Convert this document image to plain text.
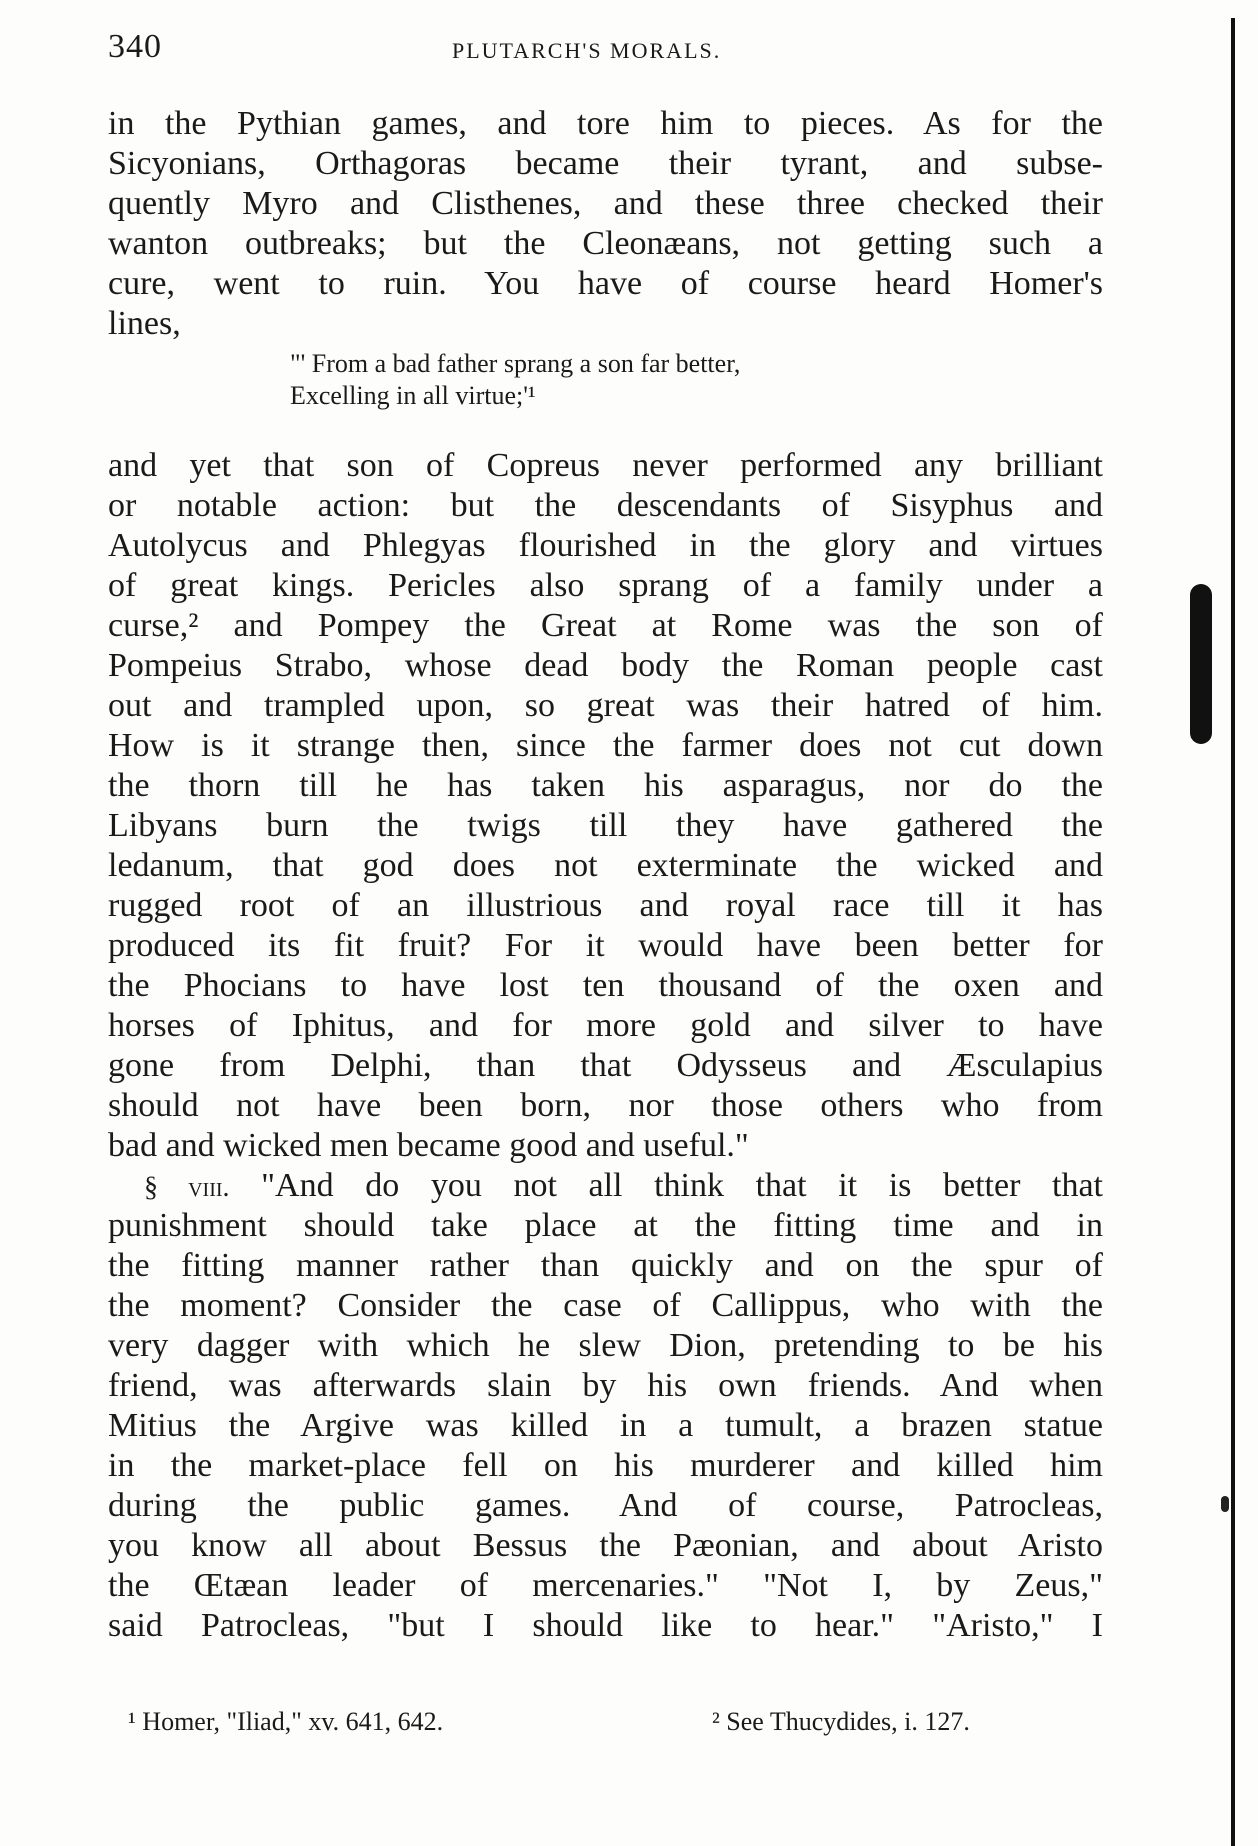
340	PLUTARCH'S MORALS.
in the Pythian games, and tore him to pieces. As for the
Sicyonians, Orthagoras became their tyrant, and subse-
quently Myro and Clisthenes, and these three checked their
wanton outbreaks; but the Cleonæans, not getting such a
cure, went to ruin. You have of course heard Homer's
lines,
"' From a bad father sprang a son far better,
Excelling in all virtue;'¹
and yet that son of Copreus never performed any brilliant
or notable action: but the descendants of Sisyphus and
Autolycus and Phlegyas flourished in the glory and virtues
of great kings. Pericles also sprang of a family under a
curse,² and Pompey the Great at Rome was the son of
Pompeius Strabo, whose dead body the Roman people cast
out and trampled upon, so great was their hatred of him.
How is it strange then, since the farmer does not cut down
the thorn till he has taken his asparagus, nor do the
Libyans burn the twigs till they have gathered the
ledanum, that god does not exterminate the wicked and
rugged root of an illustrious and royal race till it has
produced its fit fruit? For it would have been better for
the Phocians to have lost ten thousand of the oxen and
horses of Iphitus, and for more gold and silver to have
gone from Delphi, than that Odysseus and Æsculapius
should not have been born, nor those others who from
bad and wicked men became good and useful."
§ viii. "And do you not all think that it is better that
punishment should take place at the fitting time and in
the fitting manner rather than quickly and on the spur of
the moment? Consider the case of Callippus, who with the
very dagger with which he slew Dion, pretending to be his
friend, was afterwards slain by his own friends. And when
Mitius the Argive was killed in a tumult, a brazen statue
in the market-place fell on his murderer and killed him
during the public games. And of course, Patrocleas,
you know all about Bessus the Pæonian, and about Aristo
the Œtæan leader of mercenaries." "Not I, by Zeus,"
said Patrocleas, "but I should like to hear." "Aristo," I
¹ Homer, "Iliad," xv. 641, 642.	² See Thucydides, i. 127.
